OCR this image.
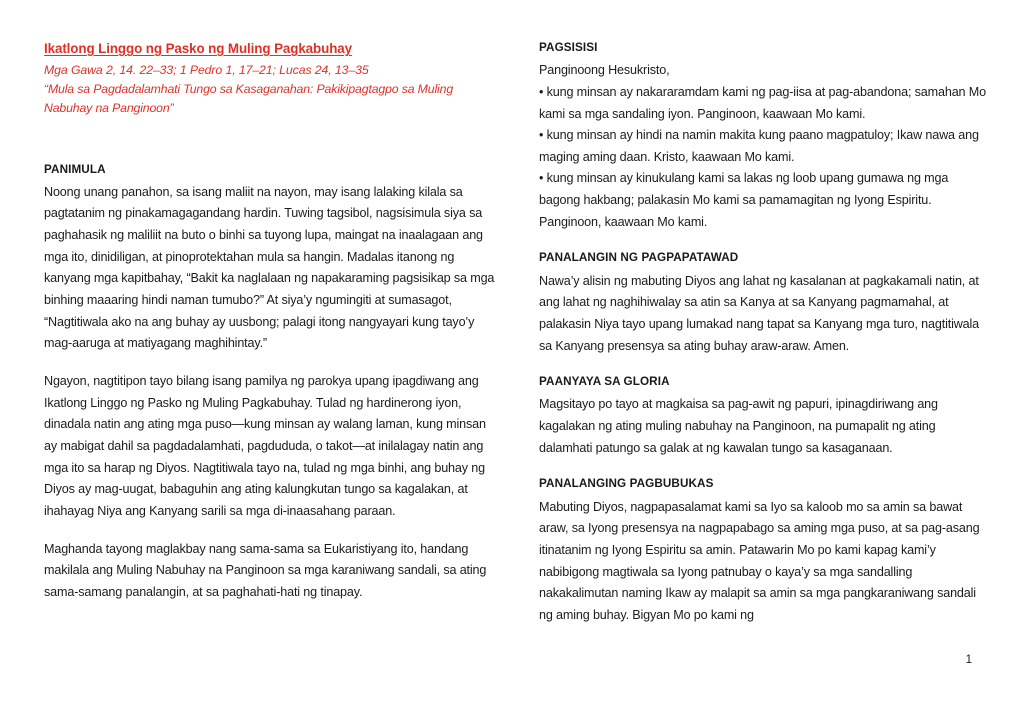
Ikatlong Linggo ng Pasko ng Muling Pagkabuhay
Mga Gawa 2, 14. 22–33; 1 Pedro 1, 17–21; Lucas 24, 13–35
“Mula sa Pagdadalamhati Tungo sa Kasaganahan: Pakikipagtagpo sa Muling Nabuhay na Panginoon”
PANIMULA

Noong unang panahon, sa isang maliit na nayon, may isang lalaking kilala sa pagtatanim ng pinakamagagandang hardin. Tuwing tagsibol, nagsisimula siya sa paghahasik ng maliliit na buto o binhi sa tuyong lupa, maingat na inaalagaan ang mga ito, dinidiligan, at pinoprotektahan mula sa hangin. Madalas itanong ng kanyang mga kapitbahay, “Bakit ka naglalaan ng napakaraming pagsisikap sa mga binhing maaaring hindi naman tumubo?” At siya’y ngumingiti at sumasagot, “Nagtitiwala ako na ang buhay ay uusbong; palagi itong nangyayari kung tayo’y mag-aaruga at matiyagang maghihintay.”

Ngayon, nagtitipon tayo bilang isang pamilya ng parokya upang ipagdiwang ang Ikatlong Linggo ng Pasko ng Muling Pagkabuhay. Tulad ng hardinerong iyon, dinadala natin ang ating mga puso—kung minsan ay walang laman, kung minsan ay mabigat dahil sa pagdadalamhati, pagdududa, o takot—at inilalagay natin ang mga ito sa harap ng Diyos. Nagtitiwala tayo na, tulad ng mga binhi, ang buhay ng Diyos ay mag-uugat, babaguhin ang ating kalungkutan tungo sa kagalakan, at ihahayag Niya ang Kanyang sarili sa mga di-inaasahang paraan.

Maghanda tayong maglakbay nang sama-sama sa Eukaristiyang ito, handang makilala ang Muling Nabuhay na Panginoon sa mga karaniwang sandali, sa ating sama-samang panalangin, at sa paghahati-hati ng tinapay.

PAGSISISI

Panginoong Hesukristo,

• kung minsan ay nakararamdam kami ng pag-iisa at pag-abandona; samahan Mo kami sa mga sandaling iyon. Panginoon, kaawaan Mo kami.

• kung minsan ay hindi na namin makita kung paano magpatuloy; Ikaw nawa ang maging aming daan. Kristo, kaawaan Mo kami.

• kung minsan ay kinukulang kami sa lakas ng loob upang gumawa ng mga bagong hakbang; palakasin Mo kami sa pamamagitan ng Iyong Espiritu. Panginoon, kaawaan Mo kami.

PANALANGIN NG PAGPAPATAWAD

Nawa’y alisin ng mabuting Diyos ang lahat ng kasalanan at pagkakamali natin, at ang lahat ng naghihiwalay sa atin sa Kanya at sa Kanyang pagmamahal, at palakasin Niya tayo upang lumakad nang tapat sa Kanyang mga turo, nagtitiwala sa Kanyang presensya sa ating buhay araw-araw. Amen.

PAANYAYA SA GLORIA

Magsitayo po tayo at magkaisa sa pag-awit ng papuri, ipinagdiriwang ang kagalakan ng ating muling nabuhay na Panginoon, na pumapalit ng ating dalamhati patungo sa galak at ng kawalan tungo sa kasaganaan.

PANALANGING PAGBUBUKAS

Mabuting Diyos, nagpapasalamat kami sa Iyo sa kaloob mo sa amin sa bawat araw, sa Iyong presensya na nagpapabago sa aming mga puso, at sa pag-asang itinatanim ng Iyong Espiritu sa amin. Patawarin Mo po kami kapag kami’y nabibigong magtiwala sa Iyong patnubay o kaya’y sa mga sandalling nakakalimutan naming Ikaw ay malapit sa amin sa mga pangkaraniwang sandali ng aming buhay. Bigyan Mo po kami ng

1
